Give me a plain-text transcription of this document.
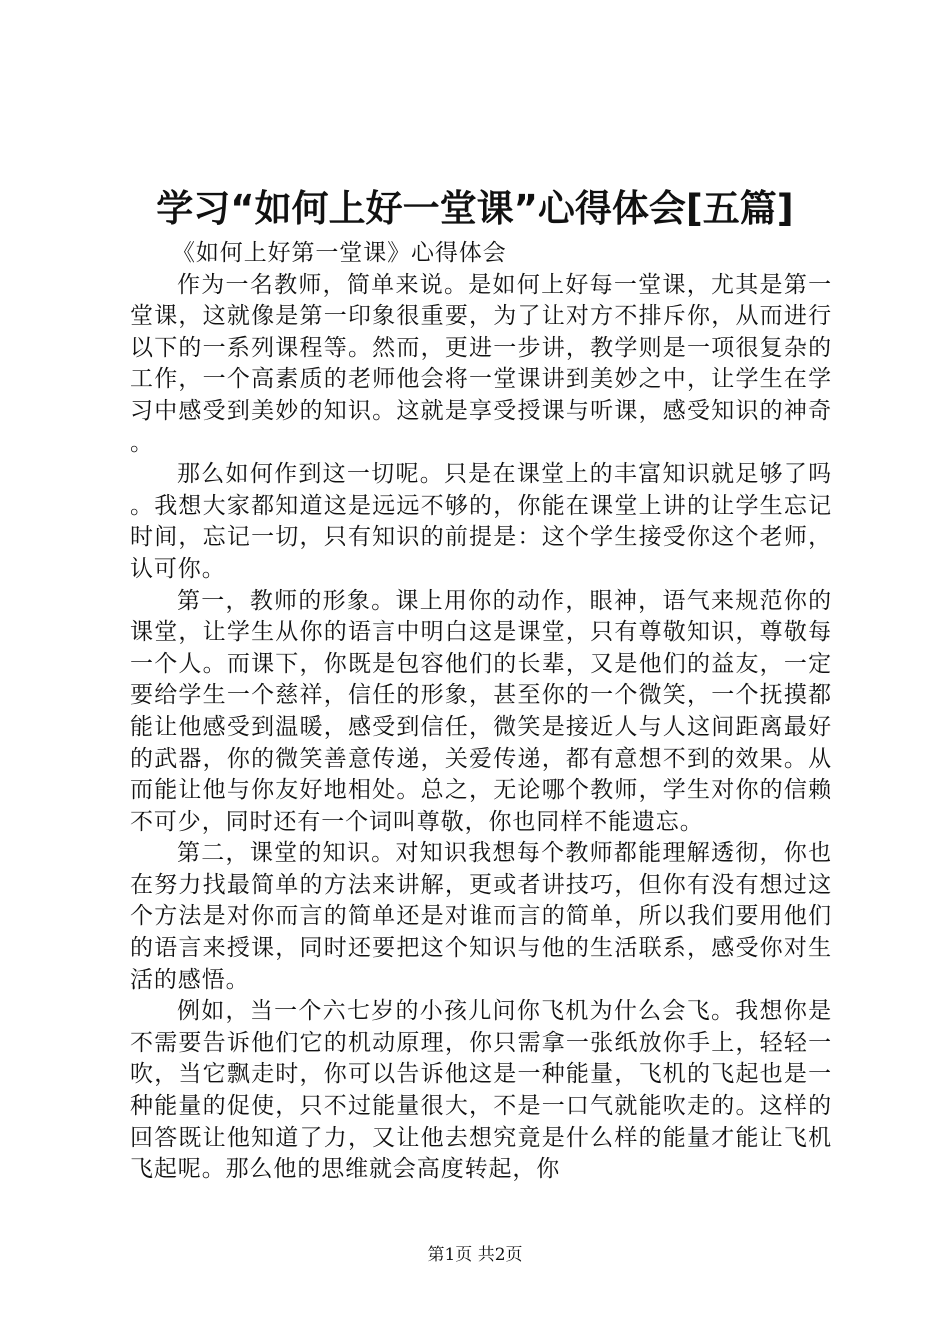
学习“如何上好一堂课”心得体会[五篇]

《如何上好第一堂课》心得体会

作为一名教师，简单来说。是如何上好每一堂课，尤其是第一堂课，这就像是第一印象很重要，为了让对方不排斥你，从而进行以下的一系列课程等。然而，更进一步讲，教学则是一项很复杂的工作，一个高素质的老师他会将一堂课讲到美妙之中，让学生在学习中感受到美妙的知识。这就是享受授课与听课，感受知识的神奇。

那么如何作到这一切呢。只是在课堂上的丰富知识就足够了吗。我想大家都知道这是远远不够的，你能在课堂上讲的让学生忘记时间，忘记一切，只有知识的前提是：这个学生接受你这个老师，认可你。

第一，教师的形象。课上用你的动作，眼神，语气来规范你的课堂，让学生从你的语言中明白这是课堂，只有尊敬知识，尊敬每一个人。而课下，你既是包容他们的长辈，又是他们的益友，一定要给学生一个慈祥，信任的形象，甚至你的一个微笑，一个抚摸都能让他感受到温暖，感受到信任，微笑是接近人与人这间距离最好的武器，你的微笑善意传递，关爱传递，都有意想不到的效果。从而能让他与你友好地相处。总之，无论哪个教师，学生对你的信赖不可少，同时还有一个词叫尊敬，你也同样不能遗忘。

第二，课堂的知识。对知识我想每个教师都能理解透彻，你也在努力找最简单的方法来讲解，更或者讲技巧，但你有没有想过这个方法是对你而言的简单还是对谁而言的简单，所以我们要用他们的语言来授课，同时还要把这个知识与他的生活联系，感受你对生活的感悟。

例如，当一个六七岁的小孩儿问你飞机为什么会飞。我想你是不需要告诉他们它的机动原理，你只需拿一张纸放你手上，轻轻一吹，当它飘走时，你可以告诉他这是一种能量，飞机的飞起也是一种能量的促使，只不过能量很大，不是一口气就能吹走的。这样的回答既让他知道了力，又让他去想究竟是什么样的能量才能让飞机飞起呢。那么他的思维就会高度转起，你

第1页 共2页
